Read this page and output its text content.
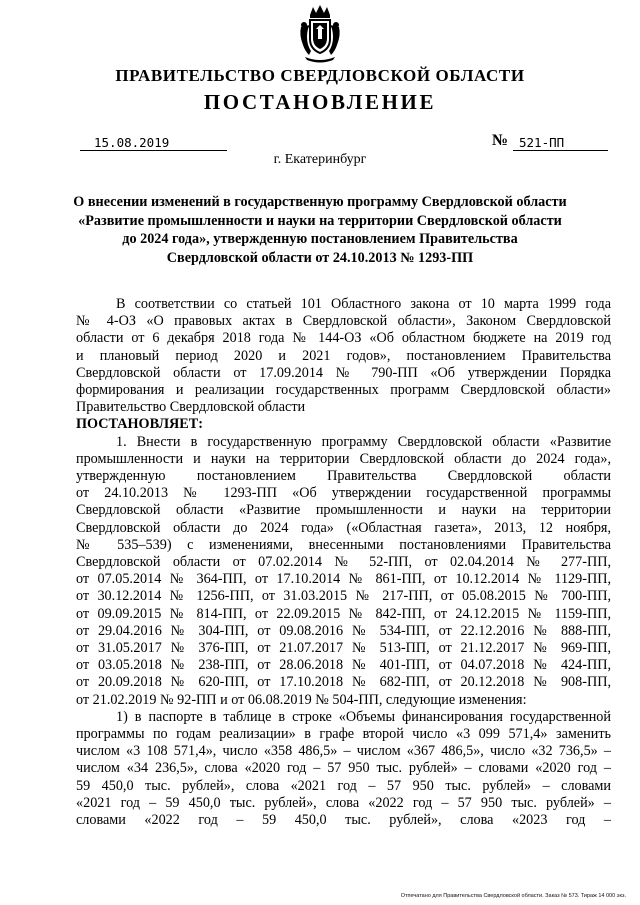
ПРАВИТЕЛЬСТВО СВЕРДЛОВСКОЙ ОБЛАСТИ
ПОСТАНОВЛЕНИЕ
15.08.2019	№ 521-ПП
г. Екатеринбург
О внесении изменений в государственную программу Свердловской области
«Развитие промышленности и науки на территории Свердловской области
до 2024 года», утвержденную постановлением Правительства
Свердловской области от 24.10.2013 № 1293-ПП

В соответствии со статьей 101 Областного закона от 10 марта 1999 года

№ 4-ОЗ «О правовых актах в Свердловской области», Законом Свердловской

области от 6 декабря 2018 года № 144-ОЗ «Об областном бюджете на 2019 год

и плановый период 2020 и 2021 годов», постановлением Правительства

Свердловской области от 17.09.2014 № 790-ПП «Об утверждении Порядка

формирования и реализации государственных программ Свердловской области»

Правительство Свердловской области

ПОСТАНОВЛЯЕТ:

1. Внести в государственную программу Свердловской области «Развитие

промышленности и науки на территории Свердловской области до 2024 года»,

утвержденную постановлением Правительства Свердловской области

от 24.10.2013 № 1293-ПП «Об утверждении государственной программы

Свердловской области «Развитие промышленности и науки на территории

Свердловской области до 2024 года» («Областная газета», 2013, 12 ноября,

№ 535–539) с изменениями, внесенными постановлениями Правительства

Свердловской области от 07.02.2014 № 52-ПП, от 02.04.2014 № 277-ПП,

от 07.05.2014 № 364-ПП, от 17.10.2014 № 861-ПП, от 10.12.2014 № 1129-ПП,

от 30.12.2014 № 1256-ПП, от 31.03.2015 № 217-ПП, от 05.08.2015 № 700-ПП,

от 09.09.2015 № 814-ПП, от 22.09.2015 № 842-ПП, от 24.12.2015 № 1159-ПП,

от 29.04.2016 № 304-ПП, от 09.08.2016 № 534-ПП, от 22.12.2016 № 888-ПП,

от 31.05.2017 № 376-ПП, от 21.07.2017 № 513-ПП, от 21.12.2017 № 969-ПП,

от 03.05.2018 № 238-ПП, от 28.06.2018 № 401-ПП, от 04.07.2018 № 424-ПП,

от 20.09.2018 № 620-ПП, от 17.10.2018 № 682-ПП, от 20.12.2018 № 908-ПП,

от 21.02.2019 № 92-ПП и от 06.08.2019 № 504-ПП, следующие изменения:

1) в паспорте в таблице в строке «Объемы финансирования государственной

программы по годам реализации» в графе второй число «3 099 571,4» заменить

числом «3 108 571,4», число «358 486,5» – числом «367 486,5», число «32 736,5» –

числом «34 236,5», слова «2020 год – 57 950 тыс. рублей» – словами «2020 год –

59 450,0 тыс. рублей», слова «2021 год – 57 950 тыс. рублей» – словами

«2021 год – 59 450,0 тыс. рублей», слова «2022 год – 57 950 тыс. рублей» –

словами «2022 год – 59 450,0 тыс. рублей», слова «2023 год –

Отпечатано для Правительства Свердловской области. Заказ № 573. Тираж 14 000 экз.
